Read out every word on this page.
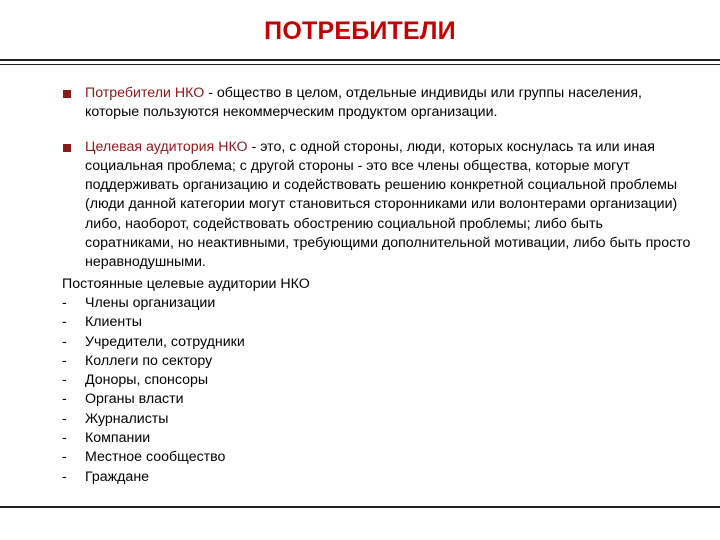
ПОТРЕБИТЕЛИ
Потребители НКО - общество в целом, отдельные индивиды или группы населения, которые пользуются некоммерческим продуктом организации.
Целевая аудитория НКО - это, с одной стороны, люди, которых коснулась та или иная социальная проблема; с другой стороны - это все члены общества, которые могут поддерживать организацию и содействовать решению конкретной социальной проблемы (люди данной категории могут становиться сторонниками или волонтерами организации) либо, наоборот, содействовать обострению социальной проблемы; либо быть соратниками, но неактивными, требующими дополнительной мотивации, либо быть просто неравнодушными.
Постоянные целевые аудитории НКО
- Члены организации
- Клиенты
- Учредители, сотрудники
- Коллеги по сектору
- Доноры, спонсоры
- Органы власти
- Журналисты
- Компании
- Местное сообщество
- Граждане
